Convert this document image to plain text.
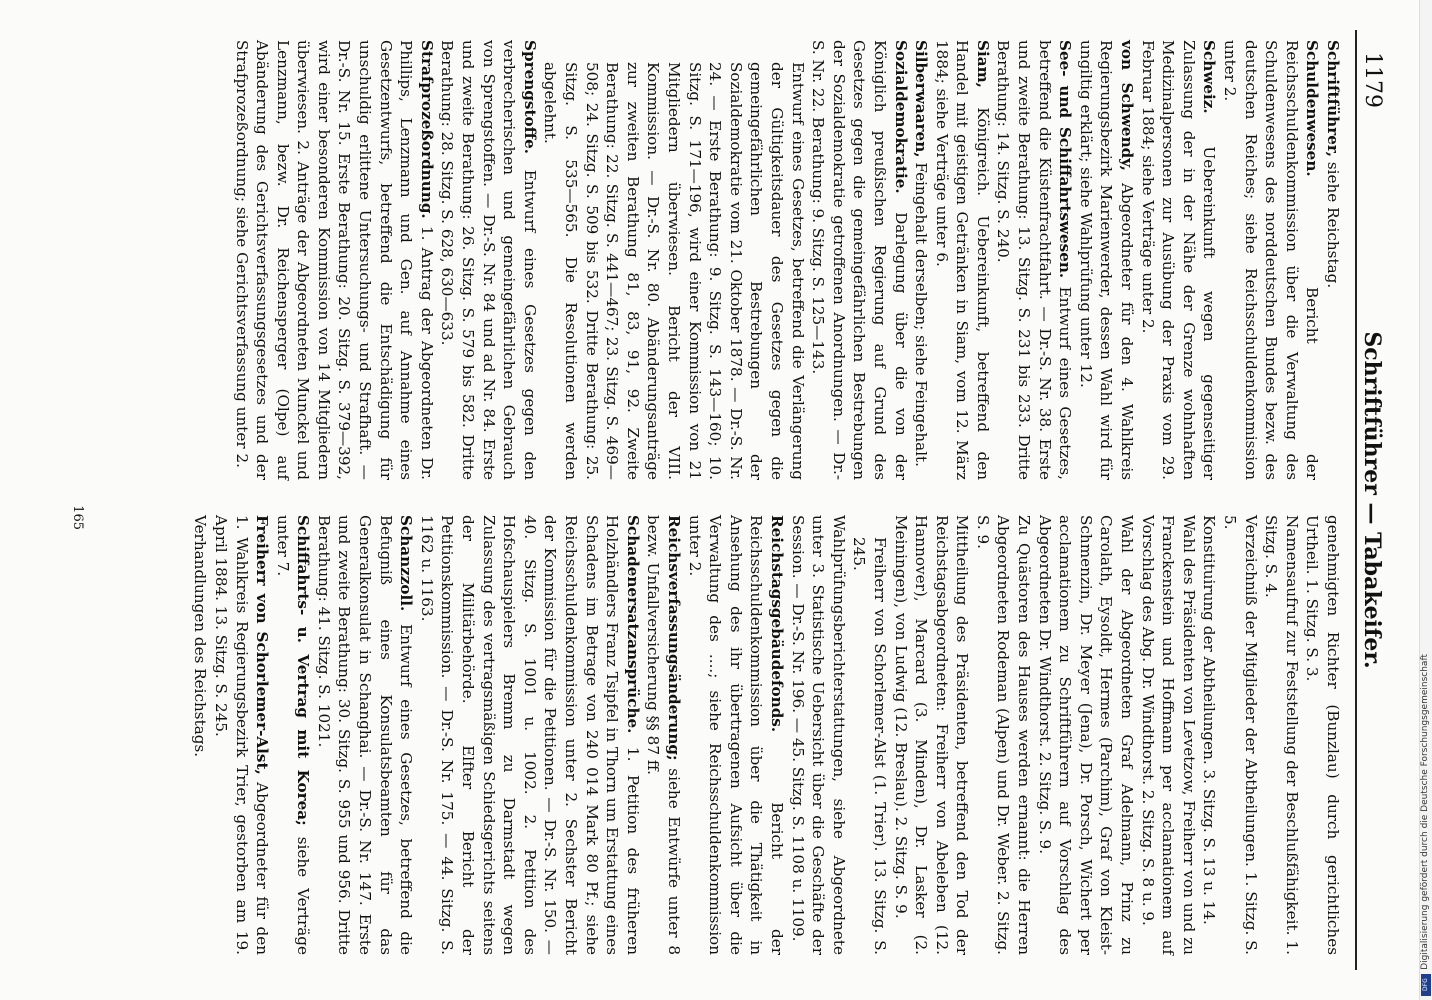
1179
Schriftführer — Tabakeifer.
Schriftführer, siehe Reichstag.
Schuldenwesen. Bericht der Reichsschuldenkommission über die Verwaltung des Schuldenwesens des norddeutschen Bundes bezw. des deutschen Reiches; siehe Reichsschuldenkommission unter 2.
Schweiz. Uebereinkunft wegen gegenseitiger Zulassung der in der Nähe der Grenze wohnhaften Medizinalpersonen zur Ausübung der Praxis vom 29. Februar 1884; siehe Verträge unter 2.
von Schwendy, Abgeordneter für den 4. Wahlkreis Regierungsbezirk Marienwerder, dessen Wahl wird für ungiltig erklärt; siehe Wahlprüfung unter 12.
See- und Schiffahrtswesen. Entwurf eines Gesetzes, betreffend die Küstenfrachtfahrt. — Dr.-S. Nr. 38. Erste und zweite Berathung: 13. Sitzg. S. 231 bis 233. Dritte Berathung: 14. Sitzg. S. 240.
Siam, Königreich. Uebereinkunft, betreffend den Handel mit geistigen Getränken in Siam, vom 12. März 1884; siehe Verträge unter 6.
Silberwaaren, Feingehalt derselben; siehe Feingehalt.
Sozialdemokratie. Darlegung über die von der Königlich preußischen Regierung auf Grund des Gesetzes gegen die gemeingefährlichen Bestrebungen der Sozialdemokratie getroffenen Anordnungen. — Dr.-S. Nr. 22. Berathung: 9. Sitzg. S. 125—143.
Entwurf eines Gesetzes, betreffend die Verlängerung der Gültigkeitsdauer des Gesetzes gegen die gemeingefährlichen Bestrebungen der Sozialdemokratie vom 21. Oktober 1878. — Dr.-S. Nr. 24. — Erste Berathung: 9. Sitzg. S. 143—160; 10. Sitzg. S. 171—196, wird einer Kommission von 21 Mitgliedern überwiesen. Bericht der VIII. Kommission. — Dr.-S. Nr. 80. Abänderungsanträge zur zweiten Berathung 81, 83, 91, 92. Zweite Berathung: 22. Sitzg. S. 441—467; 23. Sitzg. S. 469—508; 24. Sitzg. S. 509 bis 532. Dritte Berathung: 25. Sitzg. S. 535—565. Die Resolutionen werden abgelehnt.
Sprengstoffe. Entwurf eines Gesetzes gegen den verbrecherischen und gemeingefährlichen Gebrauch von Sprengstoffen. — Dr.-S. Nr. 84 und ad Nr. 84. Erste und zweite Berathung: 26. Sitzg. S. 579 bis 582. Dritte Berathung: 28. Sitzg. S. 628, 630—633.
Strafprozeßordnung. 1. Antrag der Abgeordneten Dr. Phillips, Lenzmann und Gen. auf Annahme eines Gesetzentwurfs, betreffend die Entschädigung für unschuldig erlittene Untersuchungs- und Strafhaft. — Dr.-S. Nr. 15. Erste Berathung: 20. Sitzg. S. 379—392, wird einer besonderen Kommission von 14 Mitgliedern überwiesen. 2. Anträge der Abgeordneten Munckel und Lenzmann, bezw. Dr. Reichensperger (Olpe) auf Abänderung des Gerichtsverfassungsgesetzes und der Strafprozeßordnung; siehe Gerichtsverfassung unter 2.
genehmigten Richter (Bunzlau) durch gerichtliches Urtheil. 1. Sitzg. S. 3.
Namensaufruf zur Feststellung der Beschlußfähigkeit. 1. Sitzg. S. 4.
Verzeichniß der Mitglieder der Abtheilungen. 1. Sitzg. S. 5.
Konstituirung der Abtheilungen. 3. Sitzg. S. 13 u. 14.
Wahl des Präsidenten von Levetzow, Freiherr von und zu Franckenstein und Hoffmann per acclamationem auf Vorschlag des Abg. Dr. Windthorst. 2. Sitzg. S. 8 u. 9.
Wahl der Abgeordneten Graf Adelmann, Prinz zu Carolath, Eysoldt, Hermes (Parchim), Graf von Kleist-Schmenzin, Dr. Meyer (Jena), Dr. Porsch, Wichert per acclamationem zu Schriftführern auf Vorschlag des Abgeordneten Dr. Windthorst. 2. Sitzg. S. 9.
Zu Quästoren des Hauses werden ernannt: die Herren Abgeordneten Rodeman (Alpen) und Dr. Weber. 2. Sitzg. S. 9.
Mittheilung des Präsidenten, betreffend den Tod der Reichstagsabgeordneten: Freiherr von Abeleben (12. Hannover), Marcard (3. Minden), Dr. Lasker (2. Meiningen), von Ludwig (12. Breslau). 2. Sitzg. S. 9.
Freiherr von Schorlemer-Alst (1. Trier). 13. Sitzg. S. 245.
Wahlprüfungsberichterstattungen, siehe Abgeordnete unter 3. Statistische Uebersicht über die Geschäfte der Session. — Dr.-S. Nr. 196. — 45. Sitzg. S. 1108 u. 1109.
Reichstagsgebäudefonds. Bericht der Reichsschuldenkommission über die Thätigkeit in Ansehung des ihr übertragenen Aufsicht über die Verwaltung des ....; siehe Reichsschuldenkommission unter 2.
Reichsverfassungsänderung; siehe Entwürfe unter 8 bezw. Unfallversicherung §§ 87 ff.
Schadenersatzansprüche. 1. Petition des früheren Holzhändlers Franz Tsipfel in Thorn um Erstattung eines Schadens im Betrage von 240 014 Mark 80 Pf.; siehe Reichsschuldenkommission unter 2. Sechster Bericht der Kommission für die Petitionen. — Dr.-S. Nr. 150. — 40. Sitzg. S. 1001 u. 1002. 2. Petition des Hofschauspielers Bremm zu Darmstadt wegen Zulassung des vertragsmäßigen Schiedsgerichts seitens der Militärbehörde. Elfter Bericht der Petitionskommission. — Dr.-S. Nr. 175. — 44. Sitzg. S. 1162 u. 1163.
Schanzzoll. Entwurf eines Gesetzes, betreffend die Befugniß eines Konsulatsbeamten für das Generalkonsulat in Schanghai. — Dr.-S. Nr. 147. Erste und zweite Berathung: 30. Sitzg. S. 955 und 956. Dritte Berathung: 41. Sitzg. S. 1021.
Schiffahrts- u. Vertrag mit Korea; siehe Verträge unter 7.
Freiherr von Schorlemer-Alst, Abgeordneter für den 1. Wahlkreis Regierungsbezirk Trier, gestorben am 19. April 1884. 13. Sitzg. S. 245.
Verhandlungen des Reichstags.
165
Digitalisierung gefördert durch die Deutsche Forschungsgemeinschaft
DFG
